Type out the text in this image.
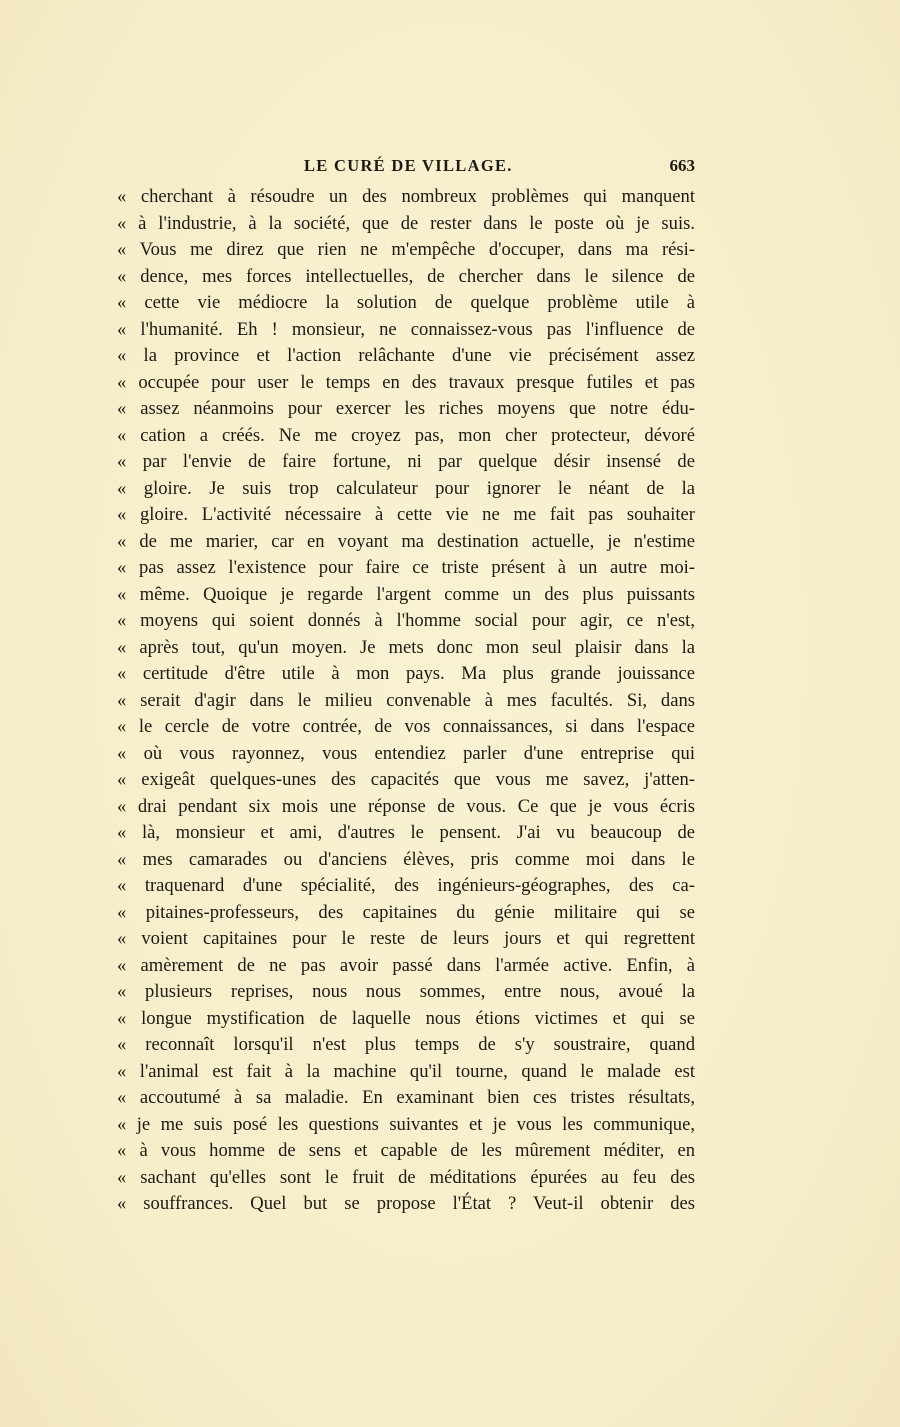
LE CURÉ DE VILLAGE.	663
« cherchant à résoudre un des nombreux problèmes qui manquent
« à l'industrie, à la société, que de rester dans le poste où je suis.
« Vous me direz que rien ne m'empêche d'occuper, dans ma rési-
« dence, mes forces intellectuelles, de chercher dans le silence de
« cette vie médiocre la solution de quelque problème utile à
« l'humanité. Eh ! monsieur, ne connaissez-vous pas l'influence de
« la province et l'action relâchante d'une vie précisément assez
« occupée pour user le temps en des travaux presque futiles et pas
« assez néanmoins pour exercer les riches moyens que notre édu-
« cation a créés. Ne me croyez pas, mon cher protecteur, dévoré
« par l'envie de faire fortune, ni par quelque désir insensé de
« gloire. Je suis trop calculateur pour ignorer le néant de la
« gloire. L'activité nécessaire à cette vie ne me fait pas souhaiter
« de me marier, car en voyant ma destination actuelle, je n'estime
« pas assez l'existence pour faire ce triste présent à un autre moi-
« même. Quoique je regarde l'argent comme un des plus puissants
« moyens qui soient donnés à l'homme social pour agir, ce n'est,
« après tout, qu'un moyen. Je mets donc mon seul plaisir dans la
« certitude d'être utile à mon pays. Ma plus grande jouissance
« serait d'agir dans le milieu convenable à mes facultés. Si, dans
« le cercle de votre contrée, de vos connaissances, si dans l'espace
« où vous rayonnez, vous entendiez parler d'une entreprise qui
« exigeât quelques-unes des capacités que vous me savez, j'atten-
« drai pendant six mois une réponse de vous. Ce que je vous écris
« là, monsieur et ami, d'autres le pensent. J'ai vu beaucoup de
« mes camarades ou d'anciens élèves, pris comme moi dans le
« traquenard d'une spécialité, des ingénieurs-géographes, des ca-
« pitaines-professeurs, des capitaines du génie militaire qui se
« voient capitaines pour le reste de leurs jours et qui regrettent
« amèrement de ne pas avoir passé dans l'armée active. Enfin, à
« plusieurs reprises, nous nous sommes, entre nous, avoué la
« longue mystification de laquelle nous étions victimes et qui se
« reconnaît lorsqu'il n'est plus temps de s'y soustraire, quand
« l'animal est fait à la machine qu'il tourne, quand le malade est
« accoutumé à sa maladie. En examinant bien ces tristes résultats,
« je me suis posé les questions suivantes et je vous les communique,
« à vous homme de sens et capable de les mûrement méditer, en
« sachant qu'elles sont le fruit de méditations épurées au feu des
« souffrances. Quel but se propose l'État ? Veut-il obtenir des
